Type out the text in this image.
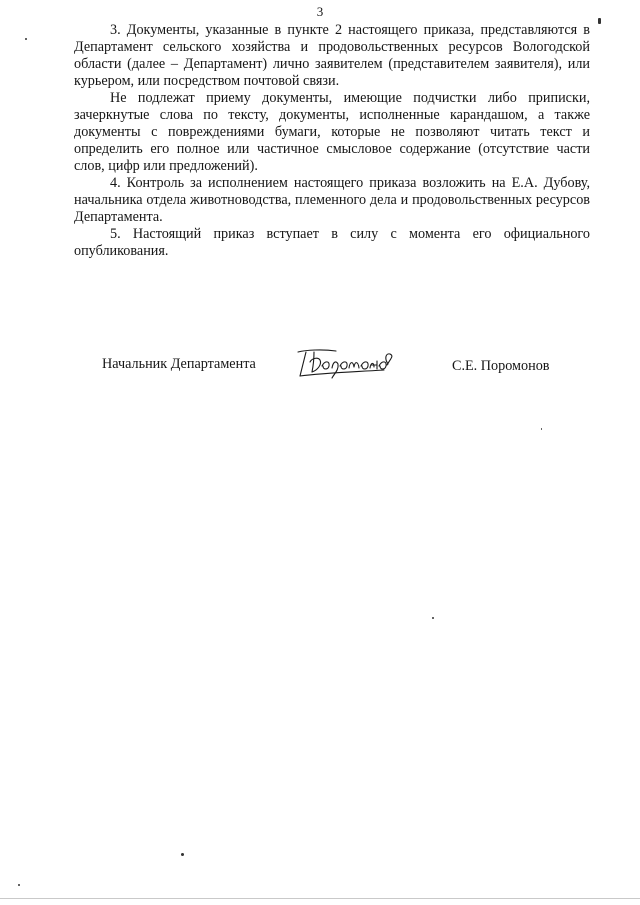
3

3. Документы, указанные в пункте 2 настоящего приказа, представляются в Департамент сельского хозяйства и продовольственных ресурсов Вологодской области (далее – Департамент) лично заявителем (представителем заявителя), или курьером, или посредством почтовой связи.

Не подлежат приему документы, имеющие подчистки либо приписки, зачеркнутые слова по тексту, документы, исполненные карандашом, а также документы с повреждениями бумаги, которые не позволяют читать текст и определить его полное или частичное смысловое содержание (отсутствие части слов, цифр или предложений).

4. Контроль за исполнением настоящего приказа возложить на Е.А. Дубову, начальника отдела животноводства, племенного дела и продовольственных ресурсов Департамента.

5. Настоящий приказ вступает в силу с момента его официального опубликования.

Начальник Департамента	С.Е. Поромонов
